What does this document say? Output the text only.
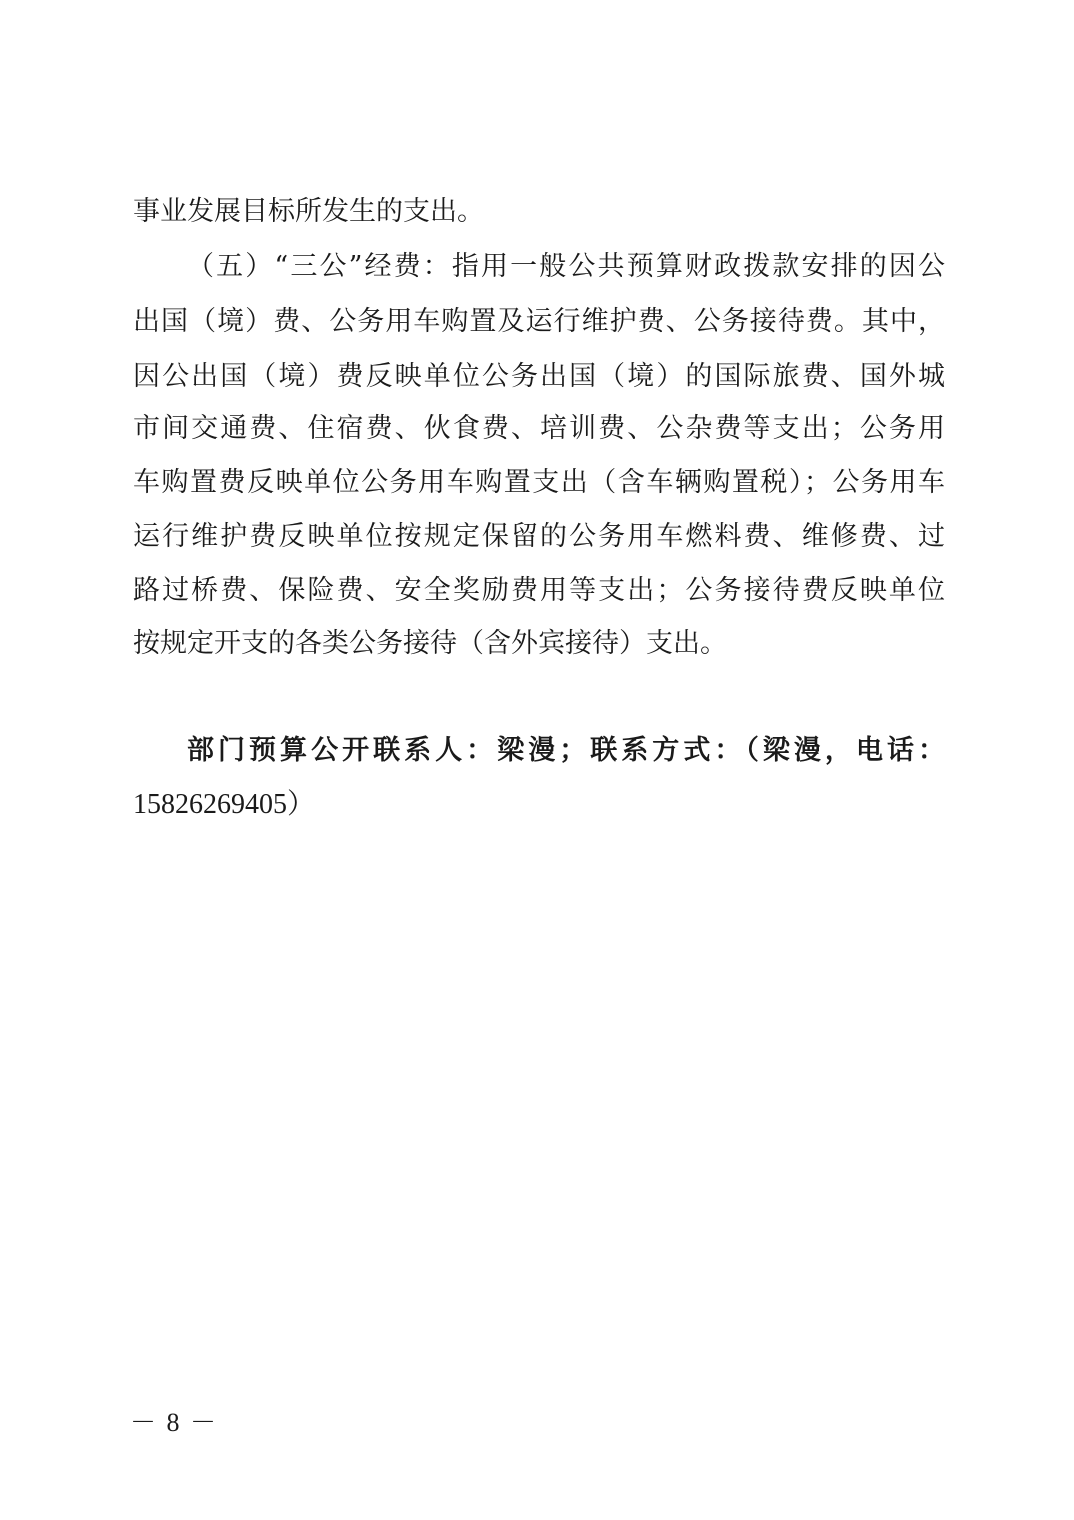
事业发展目标所发生的支出。
（五）“三公”经费：指用一般公共预算财政拨款安排的因公
出国（境）费、公务用车购置及运行维护费、公务接待费。其中，
因公出国（境）费反映单位公务出国（境）的国际旅费、国外城
市间交通费、住宿费、伙食费、培训费、公杂费等支出；公务用
车购置费反映单位公务用车购置支出（含车辆购置税）；公务用车
运行维护费反映单位按规定保留的公务用车燃料费、维修费、过
路过桥费、保险费、安全奖励费用等支出；公务接待费反映单位
按规定开支的各类公务接待（含外宾接待）支出。
部门预算公开联系人：梁漫；联系方式：（梁漫，电话：
15826269405）
－ 8 －
